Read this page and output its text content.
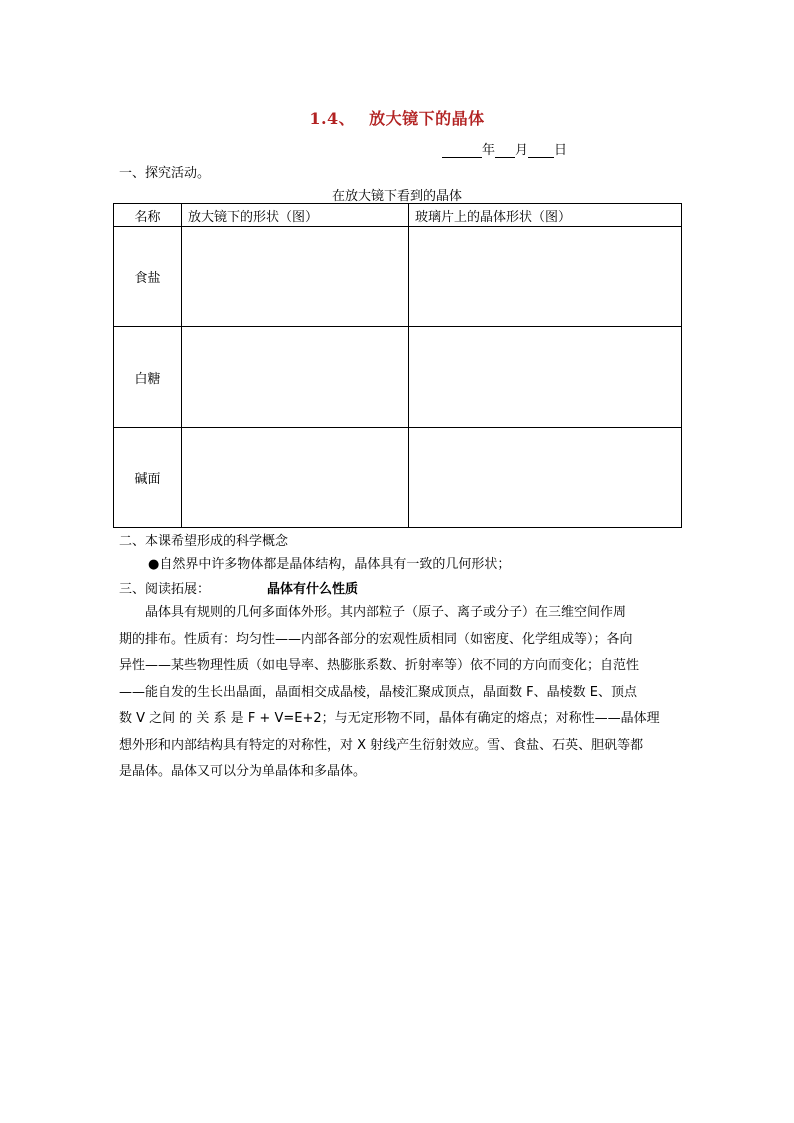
1.4、 放大镜下的晶体
年 月 日
一、探究活动。
在放大镜下看到的晶体
名称	放大镜下的形状（图）	玻璃片上的晶体形状（图）
食盐		
白糖		
碱面		
二、本课希望形成的科学概念
●自然界中许多物体都是晶体结构，晶体具有一致的几何形状；
三、阅读拓展：	晶体有什么性质
晶体具有规则的几何多面体外形。其内部粒子（原子、离子或分子）在三维空间作周
期的排布。性质有：均匀性——内部各部分的宏观性质相同（如密度、化学组成等）；各向
异性——某些物理性质（如电导率、热膨胀系数、折射率等）依不同的方向而变化；自范性
——能自发的生长出晶面，晶面相交成晶棱，晶棱汇聚成顶点，晶面数 F、晶棱数 E、顶点
数 V 之间 的 关 系 是 F + V=E+2；与无定形物不同，晶体有确定的熔点；对称性——晶体理
想外形和内部结构具有特定的对称性，对 X 射线产生衍射效应。雪、食盐、石英、胆矾等都
是晶体。晶体又可以分为单晶体和多晶体。
